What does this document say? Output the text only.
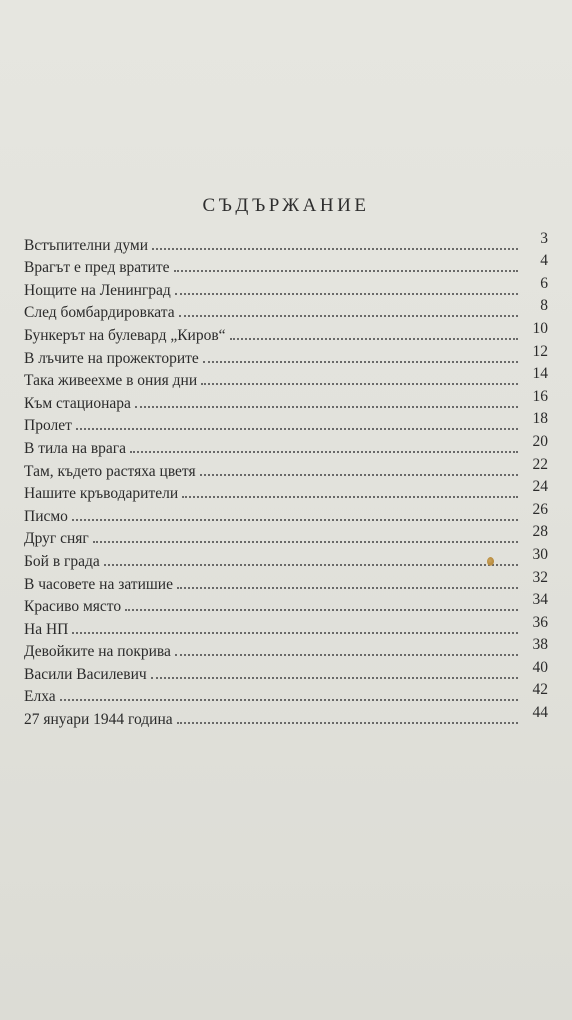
СЪДЪРЖАНИЕ
Встъпителни думи	3
Врагът е пред вратите	4
Нощите на Ленинград	6
След бомбардировката	8
Бункерът на булевард „Киров“	10
В лъчите на прожекторите	12
Така живеехме в ония дни	14
Към стационара	16
Пролет	18
В тила на врага	20
Там, където растяха цветя	22
Нашите кръводарители	24
Писмо	26
Друг сняг	28
Бой в града	30
В часовете на затишие	32
Красиво място	34
На НП	36
Девойките на покрива	38
Васили Василевич	40
Елха	42
27 януари 1944 година	44
